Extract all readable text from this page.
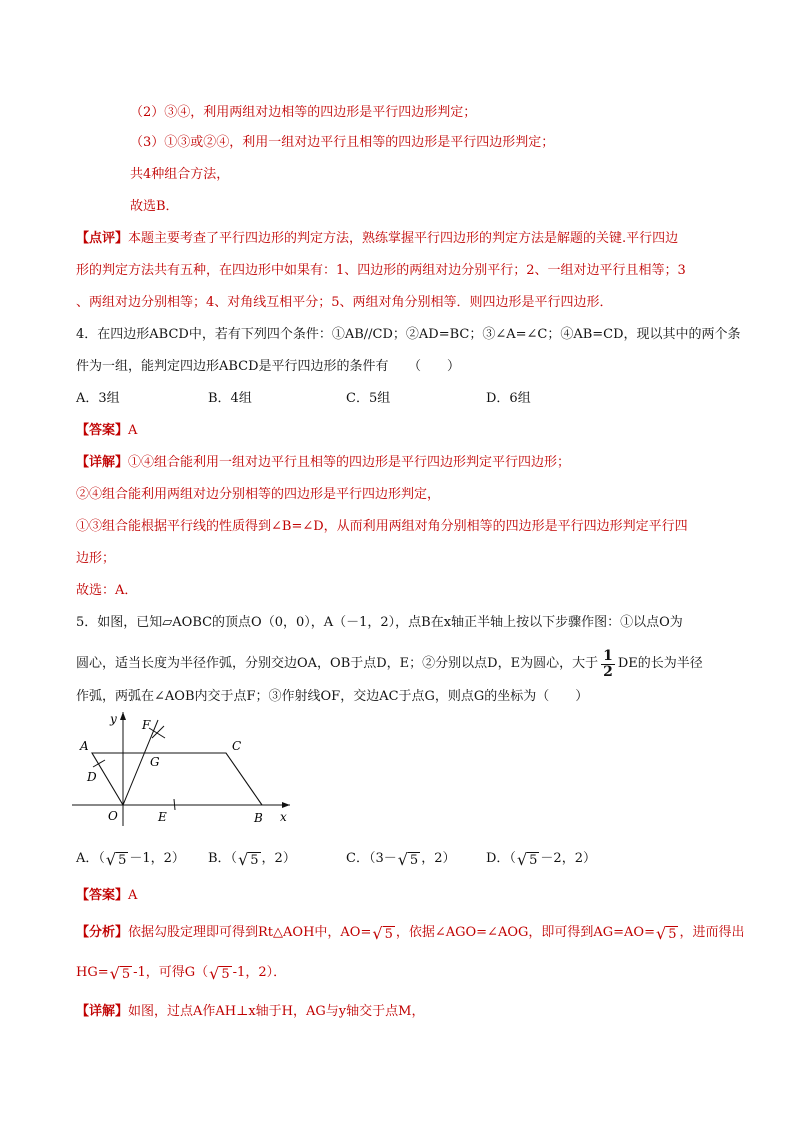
（2）③④，利用两组对边相等的四边形是平行四边形判定；
（3）①③或②④，利用一组对边平行且相等的四边形是平行四边形判定；
共4种组合方法，
故选B．
【点评】本题主要考查了平行四边形的判定方法，熟练掌握平行四边形的判定方法是解题的关键.平行四边
形的判定方法共有五种，在四边形中如果有：1、四边形的两组对边分别平行；2、一组对边平行且相等；3
、两组对边分别相等；4、对角线互相平分；5、两组对角分别相等．则四边形是平行四边形．
4．在四边形ABCD中，若有下列四个条件：①AB//CD；②AD=BC；③∠A=∠C；④AB=CD，现以其中的两个条
件为一组，能判定四边形ABCD是平行四边形的条件有　　（　　）
A．3组	B．4组	C．5组	D．6组
【答案】A
【详解】①④组合能利用一组对边平行且相等的四边形是平行四边形判定平行四边形；
②④组合能利用两组对边分别相等的四边形是平行四边形判定，
①③组合能根据平行线的性质得到∠B=∠D，从而利用两组对角分别相等的四边形是平行四边形判定平行四
边形；
故选：A．
5．如图，已知▱AOBC的顶点O（0，0），A（－1，2），点B在x轴正半轴上按以下步骤作图：①以点O为
圆心，适当长度为半径作弧，分别交边OA，OB于点D，E；②分别以点D，E为圆心，大于 $\frac{1}{2}$ DE的长为半径
作弧，两弧在∠AOB内交于点F；③作射线OF，交边AC于点G，则点G的坐标为（　　）
y
x
A	C
F
G
D
O	E	B
A．（ √ 5 －1，2） B．（ √ 5 ，2）	C．（3－ √ 5 ，2） D．（ √ 5 －2，2）
【答案】A
【分析】依据勾股定理即可得到Rt△AOH中，AO= √ 5 ，依据∠AGO=∠AOG，即可得到AG=AO= √ 5 ，进而得出
HG= √ 5 -1，可得G（ √ 5 -1，2）．
【详解】如图，过点A作AH⊥x轴于H，AG与y轴交于点M，
